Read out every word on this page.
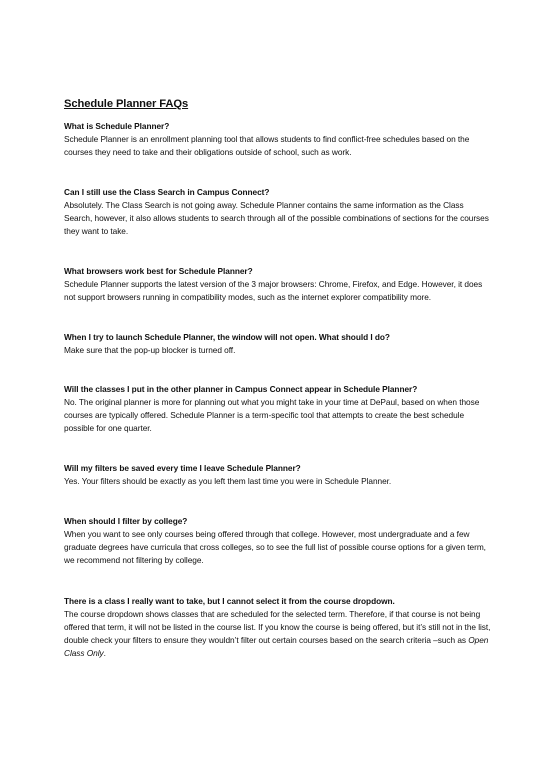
Schedule Planner FAQs

What is Schedule Planner?

Schedule Planner is an enrollment planning tool that allows students to find conflict-free schedules based on the courses they need to take and their obligations outside of school, such as work.

Can I still use the Class Search in Campus Connect?

Absolutely. The Class Search is not going away. Schedule Planner contains the same information as the Class Search, however, it also allows students to search through all of the possible combinations of sections for the courses they want to take.

What browsers work best for Schedule Planner?

Schedule Planner supports the latest version of the 3 major browsers: Chrome, Firefox, and Edge. However, it does not support browsers running in compatibility modes, such as the internet explorer compatibility more.

When I try to launch Schedule Planner, the window will not open. What should I do?

Make sure that the pop-up blocker is turned off.

Will the classes I put in the other planner in Campus Connect appear in Schedule Planner?

No. The original planner is more for planning out what you might take in your time at DePaul, based on when those courses are typically offered. Schedule Planner is a term-specific tool that attempts to create the best schedule possible for one quarter.

Will my filters be saved every time I leave Schedule Planner?

Yes. Your filters should be exactly as you left them last time you were in Schedule Planner.

When should I filter by college?

When you want to see only courses being offered through that college. However, most undergraduate and a few graduate degrees have curricula that cross colleges, so to see the full list of possible course options for a given term, we recommend not filtering by college.

There is a class I really want to take, but I cannot select it from the course dropdown.

The course dropdown shows classes that are scheduled for the selected term. Therefore, if that course is not being offered that term, it will not be listed in the course list. If you know the course is being offered, but it’s still not in the list, double check your filters to ensure they wouldn’t filter out certain courses based on the search criteria –such as Open Class Only.
